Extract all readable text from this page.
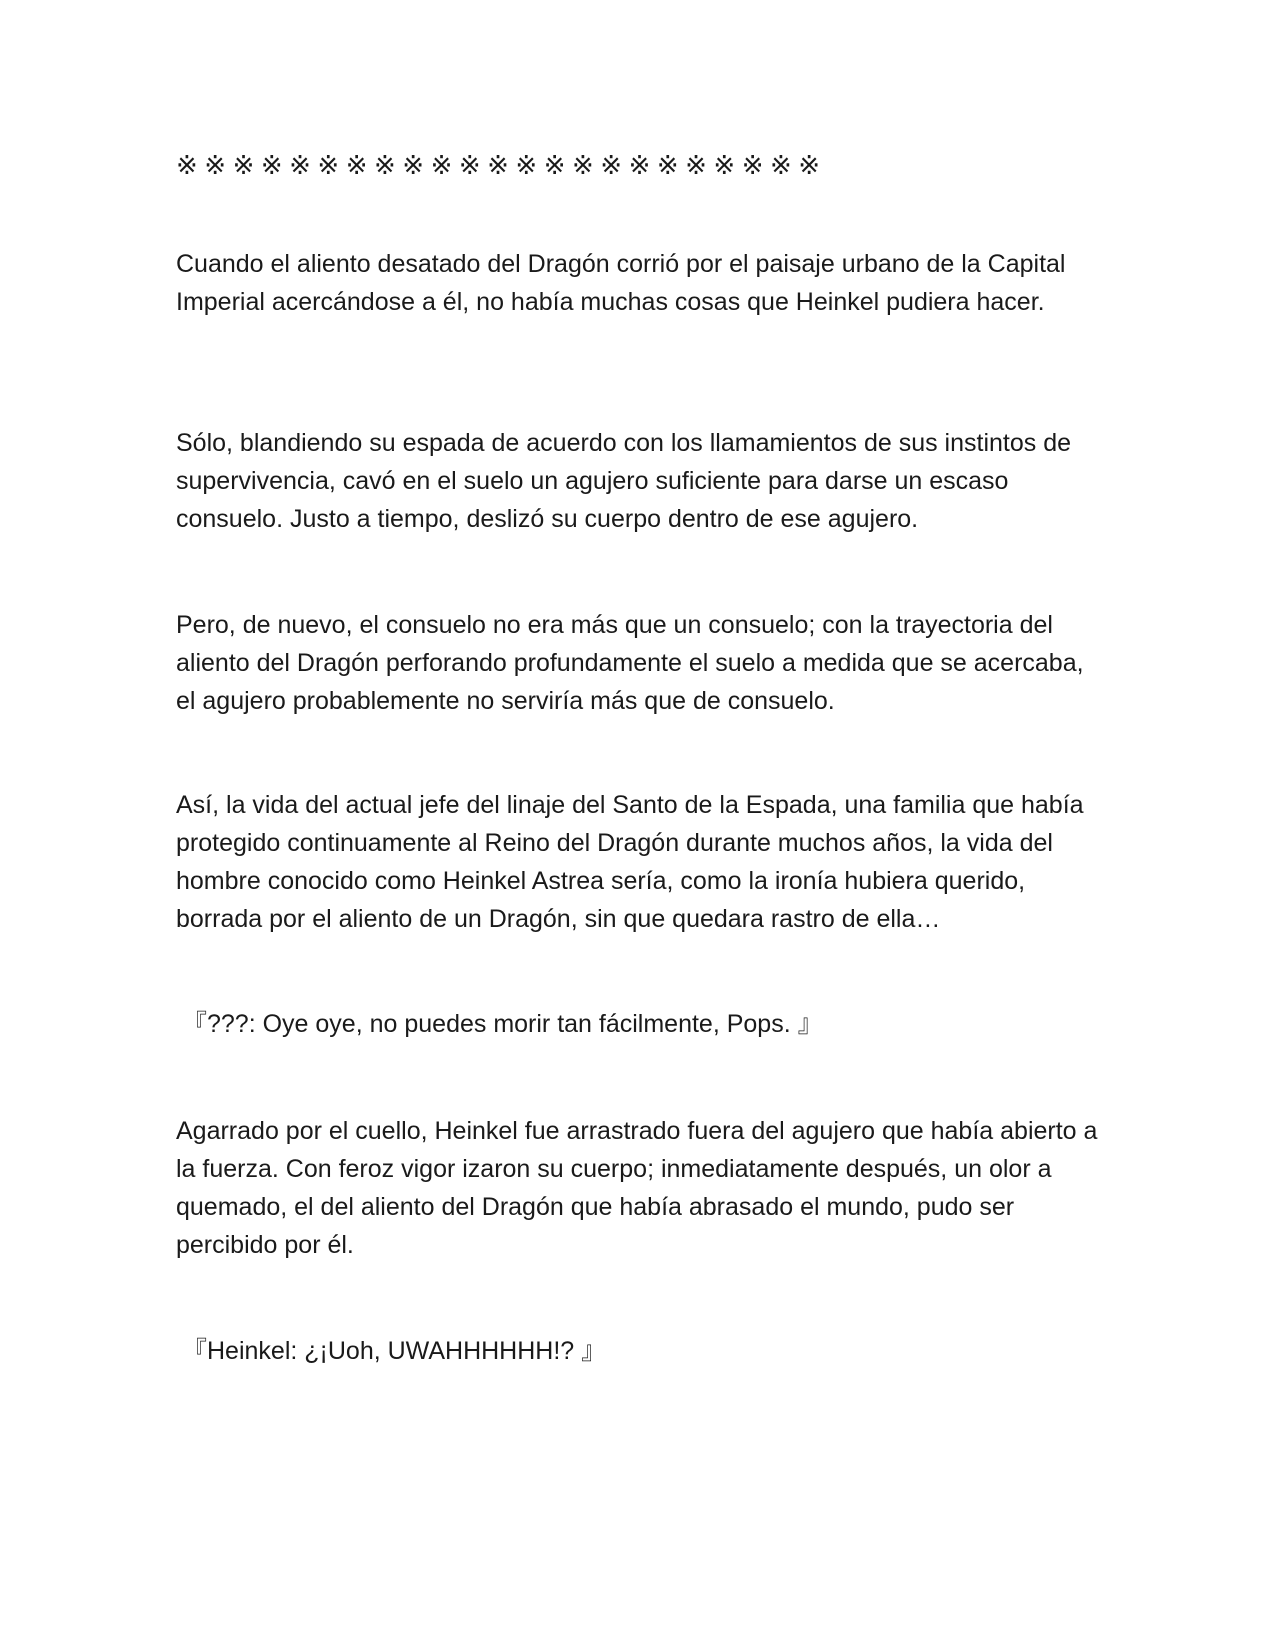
※※※※※※※※※※※※※※※※※※※※※※※

Cuando el aliento desatado del Dragón corrió por el paisaje urbano de la Capital Imperial acercándose a él, no había muchas cosas que Heinkel pudiera hacer.

Sólo, blandiendo su espada de acuerdo con los llamamientos de sus instintos de supervivencia, cavó en el suelo un agujero suficiente para darse un escaso consuelo. Justo a tiempo, deslizó su cuerpo dentro de ese agujero.

Pero, de nuevo, el consuelo no era más que un consuelo; con la trayectoria del aliento del Dragón perforando profundamente el suelo a medida que se acercaba, el agujero probablemente no serviría más que de consuelo.

Así, la vida del actual jefe del linaje del Santo de la Espada, una familia que había protegido continuamente al Reino del Dragón durante muchos años, la vida del hombre conocido como Heinkel Astrea sería, como la ironía hubiera querido, borrada por el aliento de un Dragón, sin que quedara rastro de ella…

『???: Oye oye, no puedes morir tan fácilmente, Pops. 』

Agarrado por el cuello, Heinkel fue arrastrado fuera del agujero que había abierto a la fuerza. Con feroz vigor izaron su cuerpo; inmediatamente después, un olor a quemado, el del aliento del Dragón que había abrasado el mundo, pudo ser percibido por él.

『Heinkel: ¿¡Uoh, UWAHHHHHH!? 』
